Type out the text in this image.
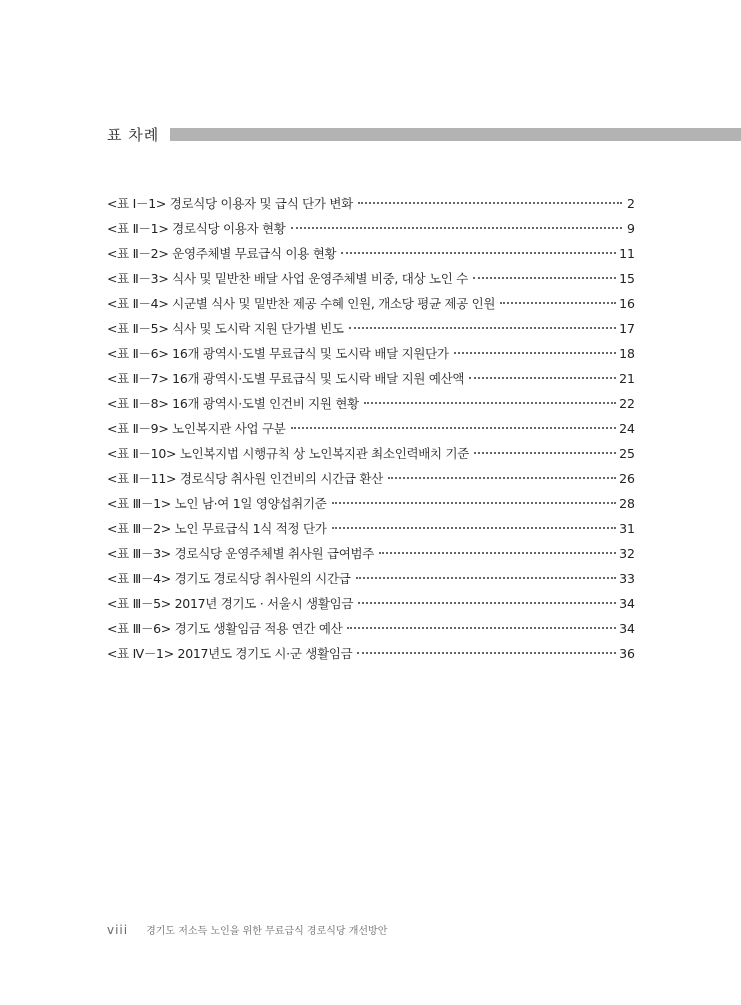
표 차례
<표 Ⅰ－1> 경로식당 이용자 및 급식 단가 변화	2
<표 Ⅱ－1> 경로식당 이용자 현황	9
<표 Ⅱ－2> 운영주체별 무료급식 이용 현황	11
<표 Ⅱ－3> 식사 및 밑반찬 배달 사업 운영주체별 비중, 대상 노인 수	15
<표 Ⅱ－4> 시군별 식사 및 밑반찬 제공 수혜 인원, 개소당 평균 제공 인원	16
<표 Ⅱ－5> 식사 및 도시락 지원 단가별 빈도	17
<표 Ⅱ－6> 16개 광역시·도별 무료급식 및 도시락 배달 지원단가	18
<표 Ⅱ－7> 16개 광역시·도별 무료급식 및 도시락 배달 지원 예산액	21
<표 Ⅱ－8> 16개 광역시·도별 인건비 지원 현황	22
<표 Ⅱ－9> 노인복지관 사업 구분	24
<표 Ⅱ－10> 노인복지법 시행규칙 상 노인복지관 최소인력배치 기준	25
<표 Ⅱ－11> 경로식당 취사원 인건비의 시간급 환산	26
<표 Ⅲ－1> 노인 남·여 1일 영양섭취기준	28
<표 Ⅲ－2> 노인 무료급식 1식 적정 단가	31
<표 Ⅲ－3> 경로식당 운영주체별 취사원 급여범주	32
<표 Ⅲ－4> 경기도 경로식당 취사원의 시간급	33
<표 Ⅲ－5> 2017년 경기도 · 서울시 생활임금	34
<표 Ⅲ－6> 경기도 생활임금 적용 연간 예산	34
<표 Ⅳ－1> 2017년도 경기도 시·군 생활임금	36
viii 경기도 저소득 노인을 위한 무료급식 경로식당 개선방안
